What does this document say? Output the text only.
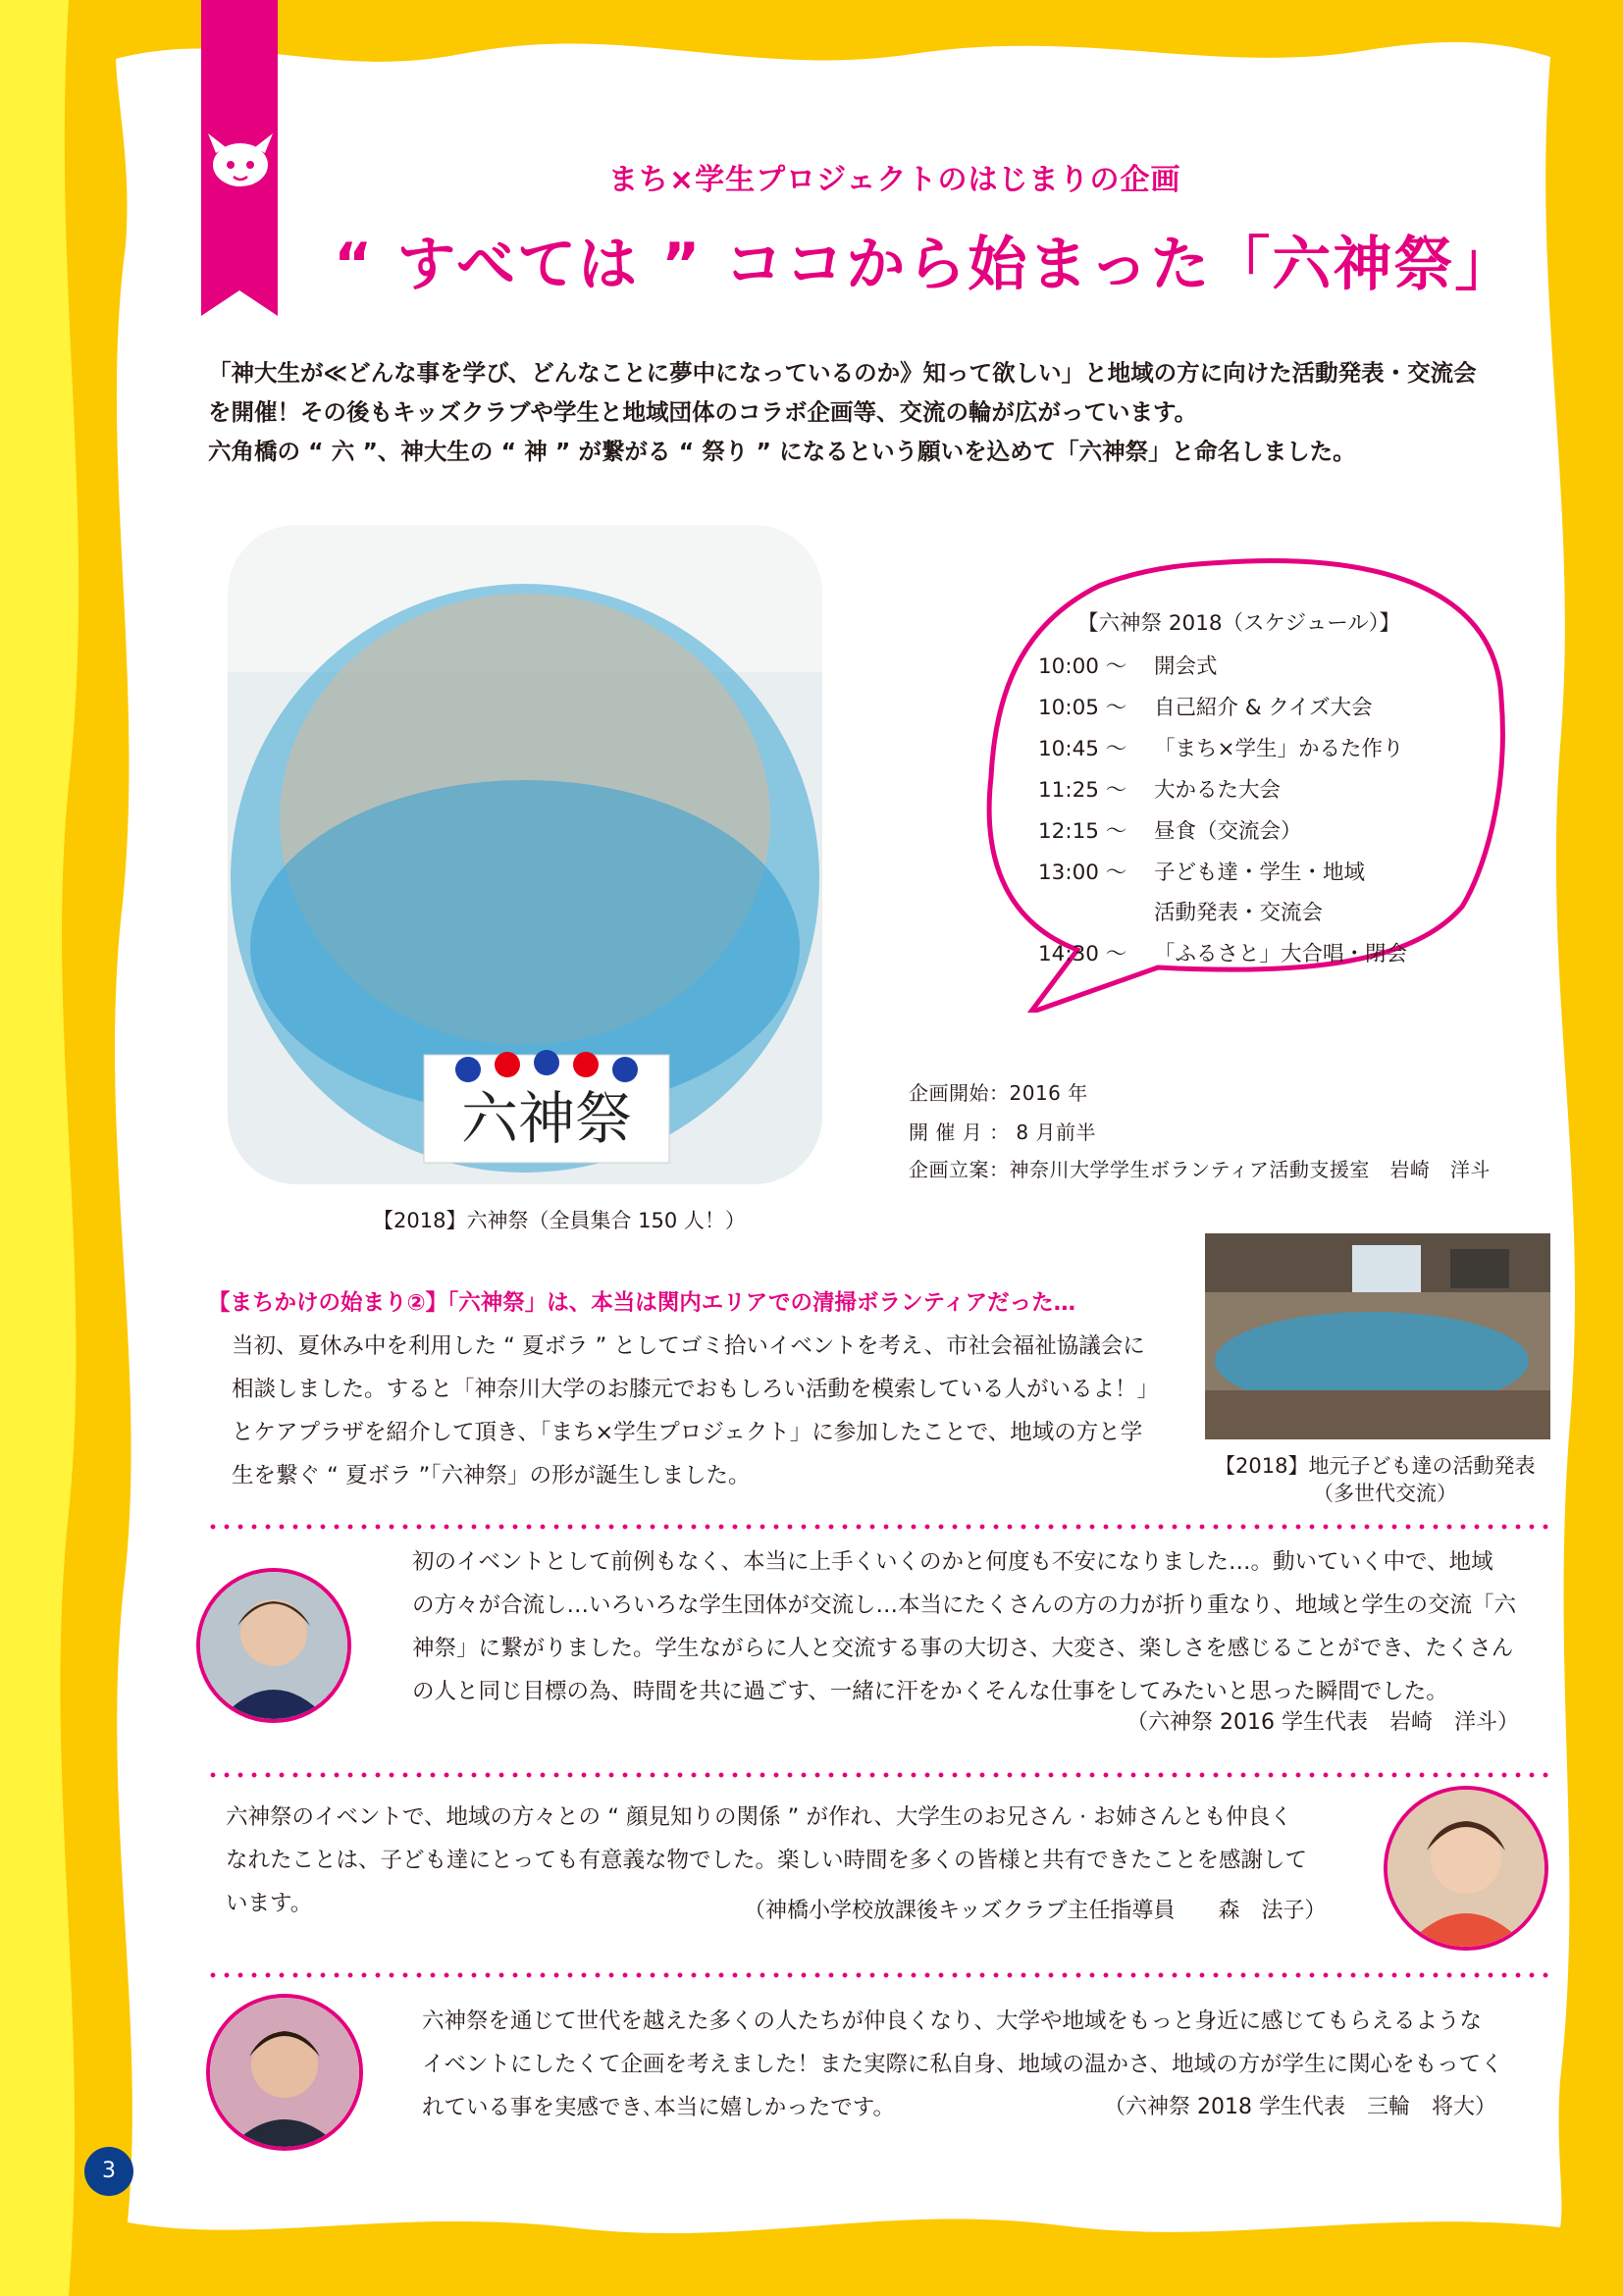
まち×学生プロジェクトのはじまりの企画
“ すべては ” ココから始まった「六神祭」

「神大生が≪どんな事を学び、どんなことに夢中になっているのか》知って欲しい」と地域の方に向けた活動発表・交流会

を開催！その後もキッズクラブや学生と地域団体のコラボ企画等、交流の輪が広がっています。

六角橋の “ 六 ”、神大生の “ 神 ” が繋がる “ 祭り ” になるという願いを込めて「六神祭」と命名しました。

六神祭
【2018】六神祭（全員集合 150 人！）
【六神祭 2018（スケジュール）】
10:00 ～ 開会式
10:05 ～ 自己紹介 & クイズ大会
10:45 ～ 「まち×学生」かるた作り
11:25 ～ 大かるた大会
12:15 ～ 昼食（交流会）
13:00 ～ 子ども達・学生・地域
活動発表・交流会
14:30 ～ 「ふるさと」大合唱・閉会
企画開始：2016 年
開 催 月 ： 8 月前半
企画立案：神奈川大学学生ボランティア活動支援室　岩崎　洋斗
【まちかけの始まり②】「六神祭」は、本当は関内エリアでの清掃ボランティアだった…

当初、夏休み中を利用した “ 夏ボラ ” としてゴミ拾いイベントを考え、市社会福祉協議会に

相談しました。すると「神奈川大学のお膝元でおもしろい活動を模索している人がいるよ！」

とケアプラザを紹介して頂き、「まち×学生プロジェクト」に参加したことで、地域の方と学

生を繋ぐ “ 夏ボラ ”「六神祭」の形が誕生しました。	【2018】地元子ども達の活動発表
（多世代交流）

初のイベントとして前例もなく、本当に上手くいくのかと何度も不安になりました…。動いていく中で、地域

の方々が合流し…いろいろな学生団体が交流し…本当にたくさんの方の力が折り重なり、地域と学生の交流「六

神祭」に繋がりました。学生ながらに人と交流する事の大切さ、大変さ、楽しさを感じることができ、たくさん

の人と同じ目標の為、時間を共に過ごす、一緒に汗をかくそんな仕事をしてみたいと思った瞬間でした。

（六神祭 2016 学生代表　岩崎　洋斗）

六神祭のイベントで、地域の方々との “ 顔見知りの関係 ” が作れ、大学生のお兄さん · お姉さんとも仲良く

なれたことは、子ども達にとっても有意義な物でした。楽しい時間を多くの皆様と共有できたことを感謝して

います。	（神橋小学校放課後キッズクラブ主任指導員　　森　法子）

六神祭を通じて世代を越えた多くの人たちが仲良くなり、大学や地域をもっと身近に感じてもらえるような

イベントにしたくて企画を考えました！また実際に私自身、地域の温かさ、地域の方が学生に関心をもってく

れている事を実感でき､本当に嬉しかったです。	（六神祭 2018 学生代表　三輪　将大）
3
